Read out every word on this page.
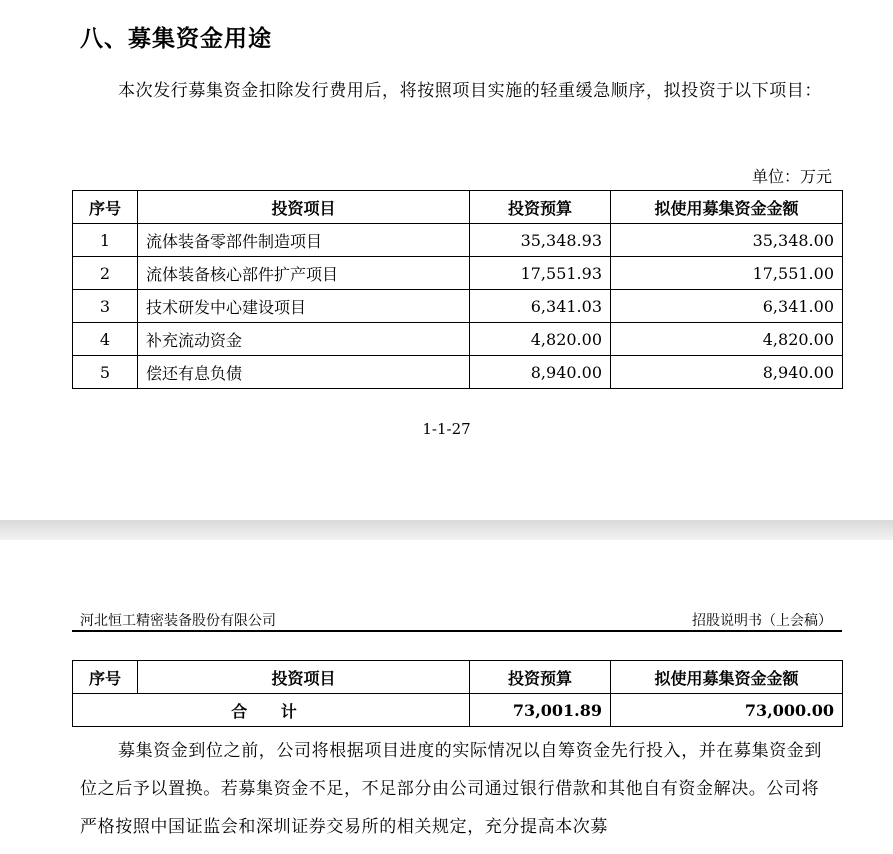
八、募集资金用途

本次发行募集资金扣除发行费用后，将按照项目实施的轻重缓急顺序，拟投资于以下项目：

单位：万元
序号	投资项目	投资预算	拟使用募集资金金额
1	流体装备零部件制造项目	35,348.93	35,348.00
2	流体装备核心部件扩产项目	17,551.93	17,551.00
3	技术研发中心建设项目	6,341.03	6,341.00
4	补充流动资金	4,820.00	4,820.00
5	偿还有息负债	8,940.00	8,940.00
1-1-27
河北恒工精密装备股份有限公司	招股说明书（上会稿）
序号	投资项目	投资预算	拟使用募集资金金额
合 计		73,001.89	73,000.00

募集资金到位之前，公司将根据项目进度的实际情况以自筹资金先行投入，并在募集资金到位之后予以置换。若募集资金不足，不足部分由公司通过银行借款和其他自有资金解决。公司将严格按照中国证监会和深圳证券交易所的相关规定，充分提高本次募
